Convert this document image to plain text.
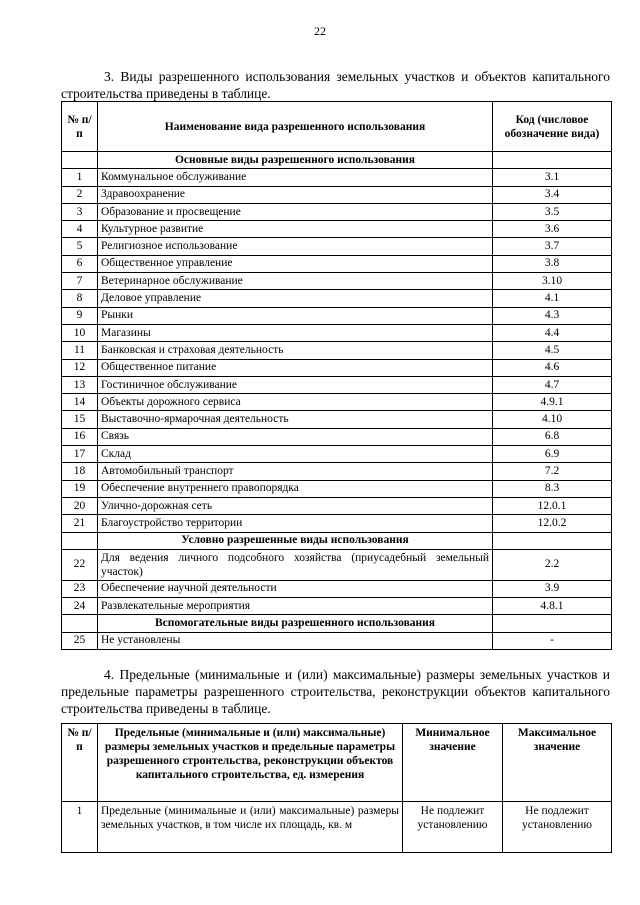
22

3. Виды разрешенного использования земельных участков и объектов капитального строительства приведены в таблице.

№ п/п	Наименование вида разрешенного использования	Код (числовое обозначение вида)
	Основные виды разрешенного использования	
1	Коммунальное обслуживание	3.1
2	Здравоохранение	3.4
3	Образование и просвещение	3.5
4	Культурное развитие	3.6
5	Религиозное использование	3.7
6	Общественное управление	3.8
7	Ветеринарное обслуживание	3.10
8	Деловое управление	4.1
9	Рынки	4.3
10	Магазины	4.4
11	Банковская и страховая деятельность	4.5
12	Общественное питание	4.6
13	Гостиничное обслуживание	4.7
14	Объекты дорожного сервиса	4.9.1
15	Выставочно-ярмарочная деятельность	4.10
16	Связь	6.8
17	Склад	6.9
18	Автомобильный транспорт	7.2
19	Обеспечение внутреннего правопорядка	8.3
20	Улично-дорожная сеть	12.0.1
21	Благоустройство территории	12.0.2
	Условно разрешенные виды использования	
22	Для ведения личного подсобного хозяйства (приусадебный земельный участок)	2.2
23	Обеспечение научной деятельности	3.9
24	Развлекательные мероприятия	4.8.1
	Вспомогательные виды разрешенного использования	
25	Не установлены	-

4. Предельные (минимальные и (или) максимальные) размеры земельных участков и предельные параметры разрешенного строительства, реконструкции объектов капитального строительства приведены в таблице.

№ п/п	Предельные (минимальные и (или) максимальные) размеры земельных участков и предельные параметры разрешенного строительства, реконструкции объектов капитального строительства, ед. измерения	Минимальное значение	Максимальное значение
1	Предельные (минимальные и (или) максимальные) размеры земельных участков, в том числе их площадь, кв. м	Не подлежит установлению	Не подлежит установлению
